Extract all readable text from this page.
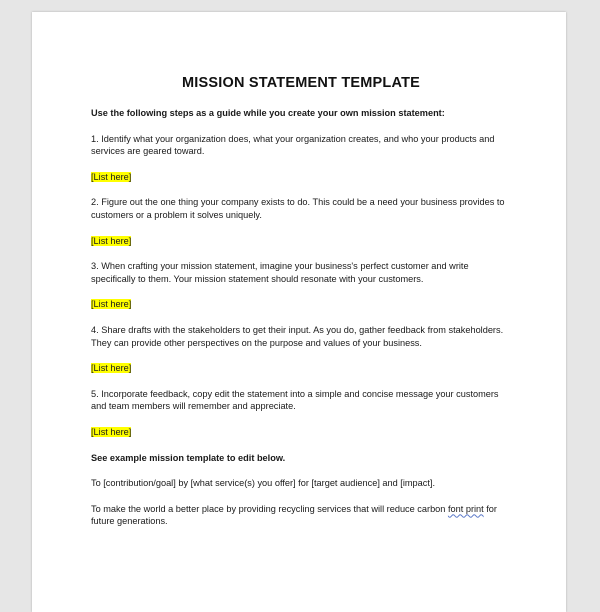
MISSION STATEMENT TEMPLATE
Use the following steps as a guide while you create your own mission statement:
1. Identify what your organization does, what your organization creates, and who your products and services are geared toward.
[List here]
2. Figure out the one thing your company exists to do. This could be a need your business provides to customers or a problem it solves uniquely.
[List here]
3. When crafting your mission statement, imagine your business's perfect customer and write specifically to them. Your mission statement should resonate with your customers.
[List here]
4. Share drafts with the stakeholders to get their input. As you do, gather feedback from stakeholders. They can provide other perspectives on the purpose and values of your business.
[List here]
5. Incorporate feedback, copy edit the statement into a simple and concise message your customers and team members will remember and appreciate.
[List here]
See example mission template to edit below.
To [contribution/goal] by [what service(s) you offer] for [target audience] and [impact].
To make the world a better place by providing recycling services that will reduce carbon font print for future generations.
